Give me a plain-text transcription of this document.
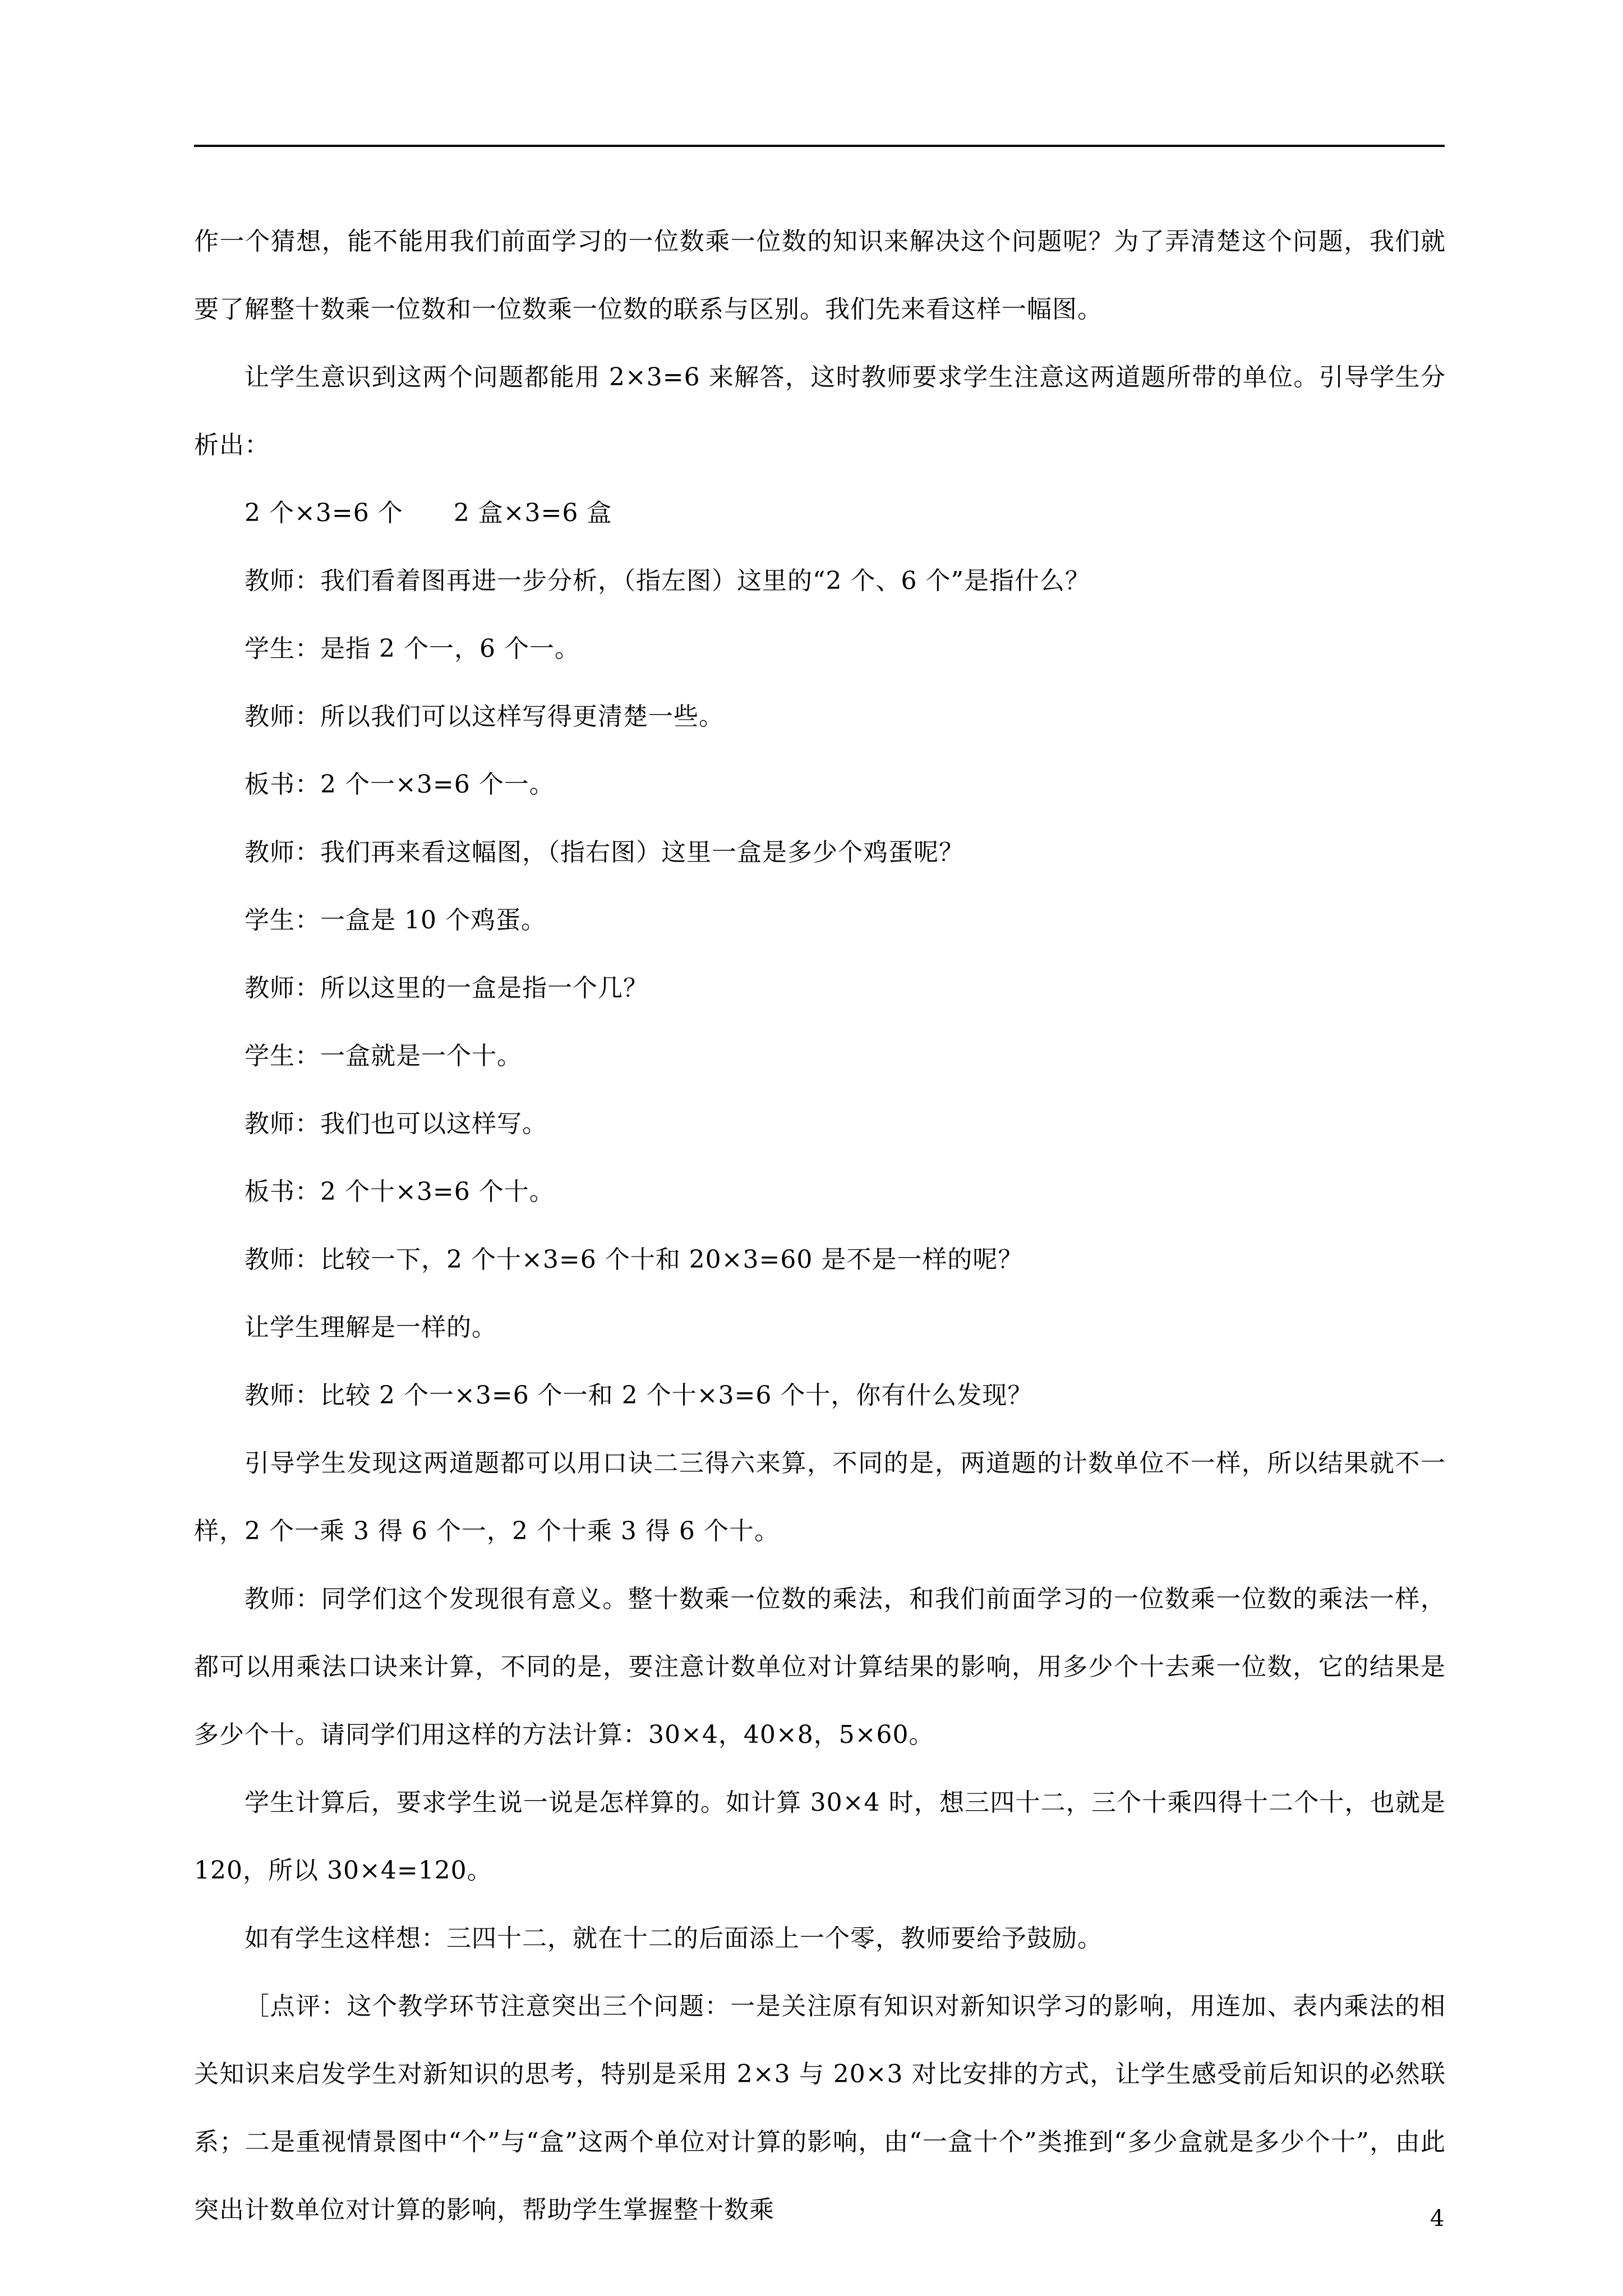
作一个猜想，能不能用我们前面学习的一位数乘一位数的知识来解决这个问题呢？为了弄清楚这个问题，我们就要了解整十数乘一位数和一位数乘一位数的联系与区别。我们先来看这样一幅图。

让学生意识到这两个问题都能用 2×3=6 来解答，这时教师要求学生注意这两道题所带的单位。引导学生分析出：

2 个×3=6 个　　2 盒×3=6 盒

教师：我们看着图再进一步分析，（指左图）这里的“2 个、6 个”是指什么？

学生：是指 2 个一，6 个一。

教师：所以我们可以这样写得更清楚一些。

板书：2 个一×3=6 个一。

教师：我们再来看这幅图，（指右图）这里一盒是多少个鸡蛋呢？

学生：一盒是 10 个鸡蛋。

教师：所以这里的一盒是指一个几？

学生：一盒就是一个十。

教师：我们也可以这样写。

板书：2 个十×3=6 个十。

教师：比较一下，2 个十×3=6 个十和 20×3=60 是不是一样的呢？

让学生理解是一样的。

教师：比较 2 个一×3=6 个一和 2 个十×3=6 个十，你有什么发现？

引导学生发现这两道题都可以用口诀二三得六来算，不同的是，两道题的计数单位不一样，所以结果就不一样，2 个一乘 3 得 6 个一，2 个十乘 3 得 6 个十。

教师：同学们这个发现很有意义。整十数乘一位数的乘法，和我们前面学习的一位数乘一位数的乘法一样，都可以用乘法口诀来计算，不同的是，要注意计数单位对计算结果的影响，用多少个十去乘一位数，它的结果是多少个十。请同学们用这样的方法计算：30×4，40×8，5×60。

学生计算后，要求学生说一说是怎样算的。如计算 30×4 时，想三四十二，三个十乘四得十二个十，也就是 120，所以 30×4=120。

如有学生这样想：三四十二，就在十二的后面添上一个零，教师要给予鼓励。

［点评：这个教学环节注意突出三个问题：一是关注原有知识对新知识学习的影响，用连加、表内乘法的相关知识来启发学生对新知识的思考，特别是采用 2×3 与 20×3 对比安排的方式，让学生感受前后知识的必然联系；二是重视情景图中“个”与“盒”这两个单位对计算的影响，由“一盒十个”类推到“多少盒就是多少个十”，由此突出计数单位对计算的影响，帮助学生掌握整十数乘	4
